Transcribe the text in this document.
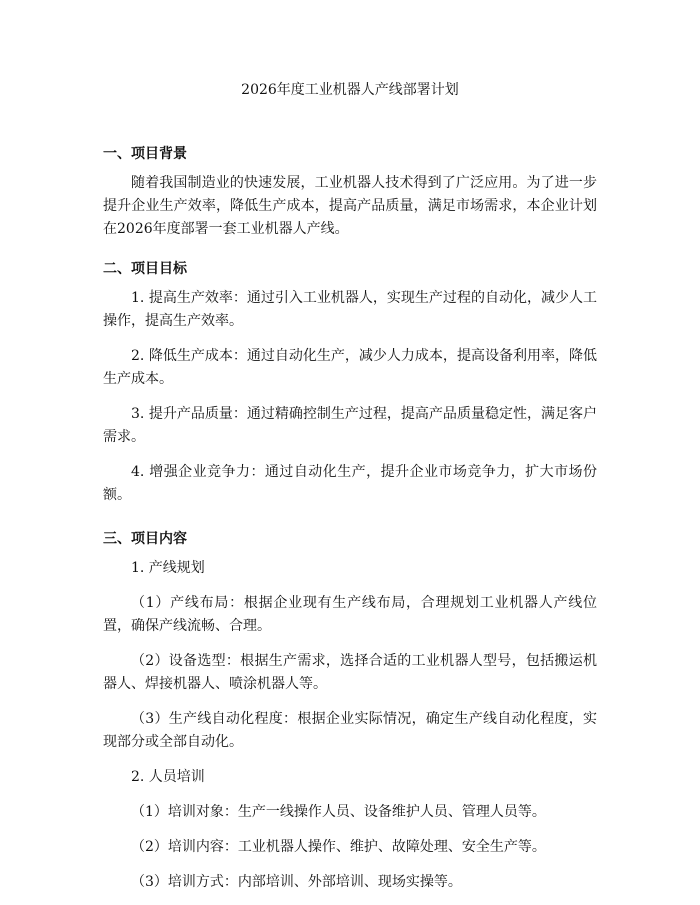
2026年度工业机器人产线部署计划
一、项目背景

随着我国制造业的快速发展，工业机器人技术得到了广泛应用。为了进一步提升企业生产效率，降低生产成本，提高产品质量，满足市场需求，本企业计划在2026年度部署一套工业机器人产线。

二、项目目标

1. 提高生产效率：通过引入工业机器人，实现生产过程的自动化，减少人工操作，提高生产效率。

2. 降低生产成本：通过自动化生产，减少人力成本，提高设备利用率，降低生产成本。

3. 提升产品质量：通过精确控制生产过程，提高产品质量稳定性，满足客户需求。

4. 增强企业竞争力：通过自动化生产，提升企业市场竞争力，扩大市场份额。

三、项目内容

1. 产线规划

（1）产线布局：根据企业现有生产线布局，合理规划工业机器人产线位置，确保产线流畅、合理。

（2）设备选型：根据生产需求，选择合适的工业机器人型号，包括搬运机器人、焊接机器人、喷涂机器人等。

（3）生产线自动化程度：根据企业实际情况，确定生产线自动化程度，实现部分或全部自动化。

2. 人员培训

（1）培训对象：生产一线操作人员、设备维护人员、管理人员等。

（2）培训内容：工业机器人操作、维护、故障处理、安全生产等。

（3）培训方式：内部培训、外部培训、现场实操等。
